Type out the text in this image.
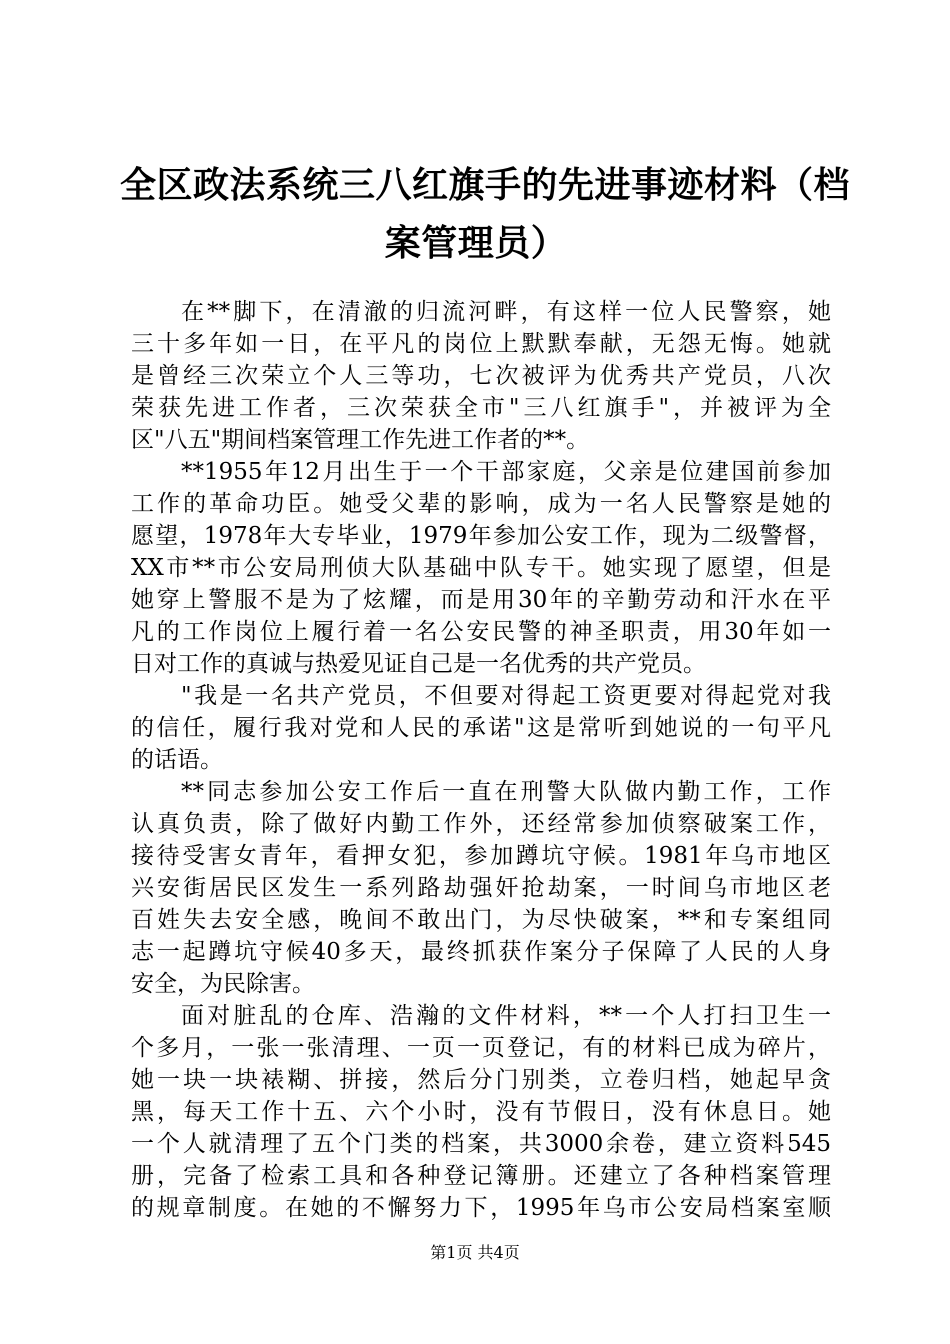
全区政法系统三八红旗手的先进事迹材料（档
案管理员）
在**脚下，在清澈的归流河畔，有这样一位人民警察，她
三十多年如一日，在平凡的岗位上默默奉献，无怨无悔。她就
是曾经三次荣立个人三等功，七次被评为优秀共产党员，八次
荣获先进工作者，三次荣获全市"三八红旗手"，并被评为全
区"八五"期间档案管理工作先进工作者的**。
**1955年12月出生于一个干部家庭，父亲是位建国前参加
工作的革命功臣。她受父辈的影响，成为一名人民警察是她的
愿望，1978年大专毕业，1979年参加公安工作，现为二级警督，
XX市**市公安局刑侦大队基础中队专干。她实现了愿望，但是
她穿上警服不是为了炫耀，而是用30年的辛勤劳动和汗水在平
凡的工作岗位上履行着一名公安民警的神圣职责，用30年如一
日对工作的真诚与热爱见证自己是一名优秀的共产党员。
"我是一名共产党员，不但要对得起工资更要对得起党对我
的信任，履行我对党和人民的承诺"这是常听到她说的一句平凡
的话语。
**同志参加公安工作后一直在刑警大队做内勤工作，工作
认真负责，除了做好内勤工作外，还经常参加侦察破案工作，
接待受害女青年，看押女犯，参加蹲坑守候。1981年乌市地区
兴安街居民区发生一系列路劫强奸抢劫案，一时间乌市地区老
百姓失去安全感，晚间不敢出门，为尽快破案，**和专案组同
志一起蹲坑守候40多天，最终抓获作案分子保障了人民的人身
安全，为民除害。
面对脏乱的仓库、浩瀚的文件材料，**一个人打扫卫生一
个多月，一张一张清理、一页一页登记，有的材料已成为碎片，
她一块一块裱糊、拼接，然后分门别类，立卷归档，她起早贪
黑，每天工作十五、六个小时，没有节假日，没有休息日。她
一个人就清理了五个门类的档案，共3000余卷，建立资料545
册，完备了检索工具和各种登记簿册。还建立了各种档案管理
的规章制度。在她的不懈努力下，1995年乌市公安局档案室顺
第1页 共4页
